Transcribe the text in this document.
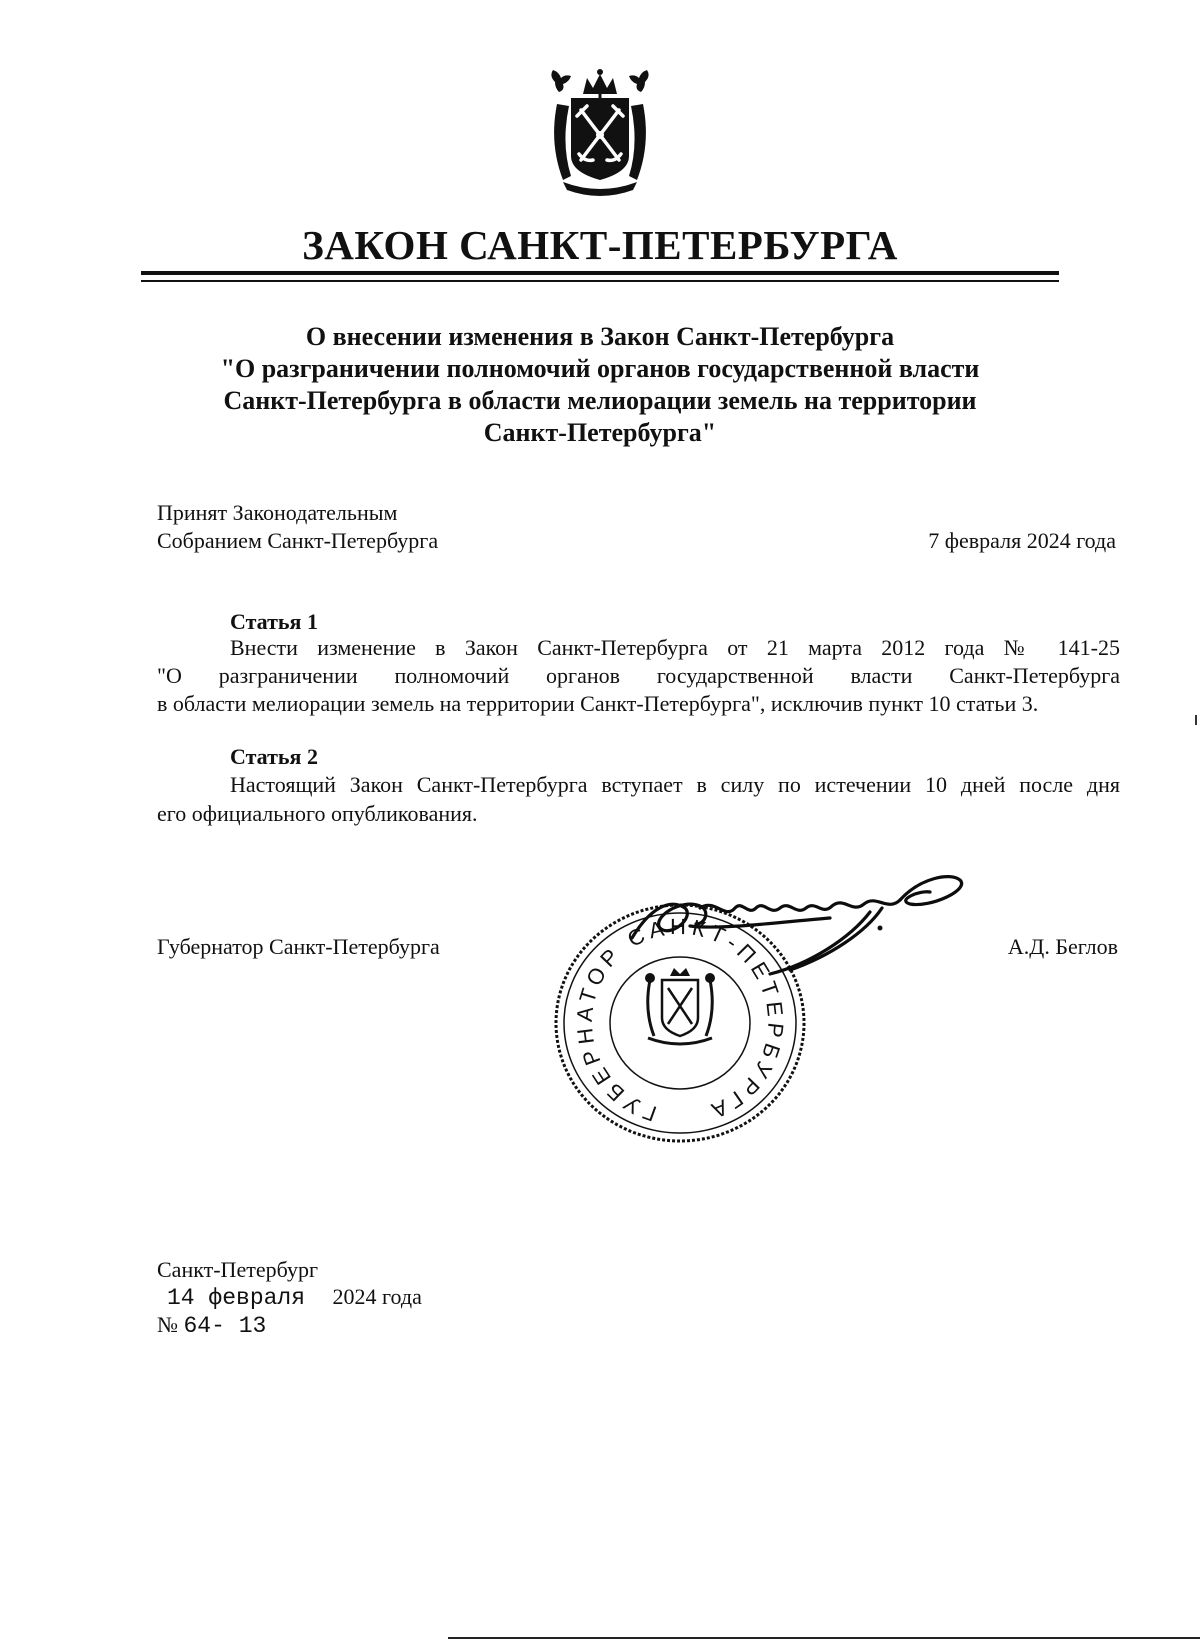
ЗАКОН САНКТ-ПЕТЕРБУРГА
О внесении изменения в Закон Санкт-Петербурга
"О разграничении полномочий органов государственной власти
Санкт-Петербурга в области мелиорации земель на территории
Санкт-Петербурга"
Принят Законодательным
Собранием Санкт-Петербурга	7 февраля 2024 года
Статья 1
Внести изменение в Закон Санкт-Петербурга от 21 марта 2012 года № 141-25
"О разграничении полномочий органов государственной власти Санкт-Петербурга
в области мелиорации земель на территории Санкт-Петербурга", исключив пункт 10 статьи 3.
Статья 2
Настоящий Закон Санкт-Петербурга вступает в силу по истечении 10 дней после дня
его официального опубликования.
Губернатор Санкт-Петербурга	А.Д. Беглов
ГУБЕРНАТОР САНКТ-ПЕТЕРБУРГА
Санкт-Петербург
14 февраля 2024 года
№ 64- 13
